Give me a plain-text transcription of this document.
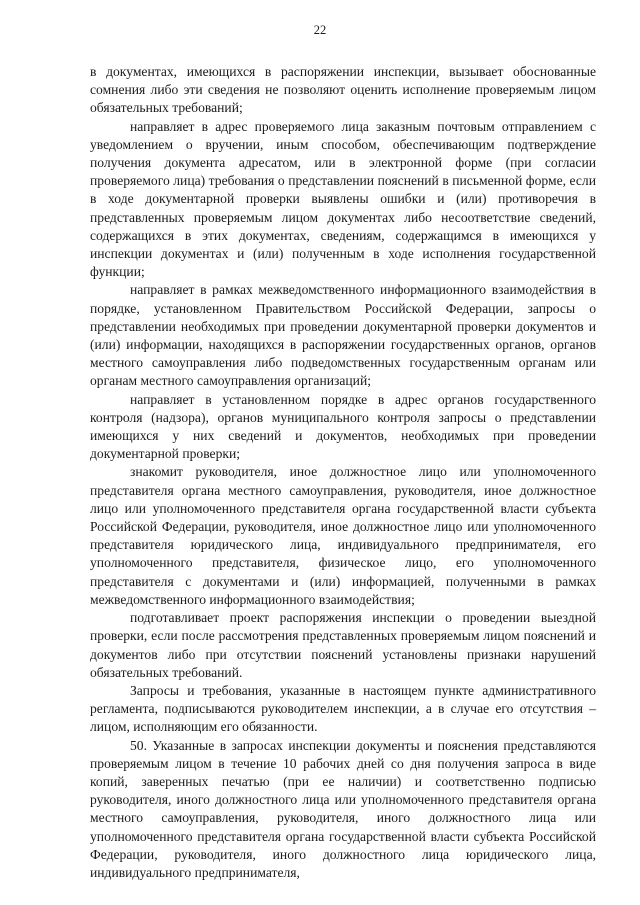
22

в документах, имеющихся в распоряжении инспекции, вызывает обоснованные сомнения либо эти сведения не позволяют оценить исполнение проверяемым лицом обязательных требований;

направляет в адрес проверяемого лица заказным почтовым отправлением с уведомлением о вручении, иным способом, обеспечивающим подтверждение получения документа адресатом, или в электронной форме (при согласии проверяемого лица) требования о представлении пояснений в письменной форме, если в ходе документарной проверки выявлены ошибки и (или) противоречия в представленных проверяемым лицом документах либо несоответствие сведений, содержащихся в этих документах, сведениям, содержащимся в имеющихся у инспекции документах и (или) полученным в ходе исполнения государственной функции;

направляет в рамках межведомственного информационного взаимодействия в порядке, установленном Правительством Российской Федерации, запросы о представлении необходимых при проведении документарной проверки документов и (или) информации, находящихся в распоряжении государственных органов, органов местного самоуправления либо подведомственных государственным органам или органам местного самоуправления организаций;

направляет в установленном порядке в адрес органов государственного контроля (надзора), органов муниципального контроля запросы о представлении имеющихся у них сведений и документов, необходимых при проведении документарной проверки;

знакомит руководителя, иное должностное лицо или уполномоченного представителя органа местного самоуправления, руководителя, иное должностное лицо или уполномоченного представителя органа государственной власти субъекта Российской Федерации, руководителя, иное должностное лицо или уполномоченного представителя юридического лица, индивидуального предпринимателя, его уполномоченного представителя, физическое лицо, его уполномоченного представителя с документами и (или) информацией, полученными в рамках межведомственного информационного взаимодействия;

подготавливает проект распоряжения инспекции о проведении выездной проверки, если после рассмотрения представленных проверяемым лицом пояснений и документов либо при отсутствии пояснений установлены признаки нарушений обязательных требований.

Запросы и требования, указанные в настоящем пункте административного регламента, подписываются руководителем инспекции, а в случае его отсутствия – лицом, исполняющим его обязанности.

50. Указанные в запросах инспекции документы и пояснения представляются проверяемым лицом в течение 10 рабочих дней со дня получения запроса в виде копий, заверенных печатью (при ее наличии) и соответственно подписью руководителя, иного должностного лица или уполномоченного представителя органа местного самоуправления, руководителя, иного должностного лица или уполномоченного представителя органа государственной власти субъекта Российской Федерации, руководителя, иного должностного лица юридического лица, индивидуального предпринимателя,
